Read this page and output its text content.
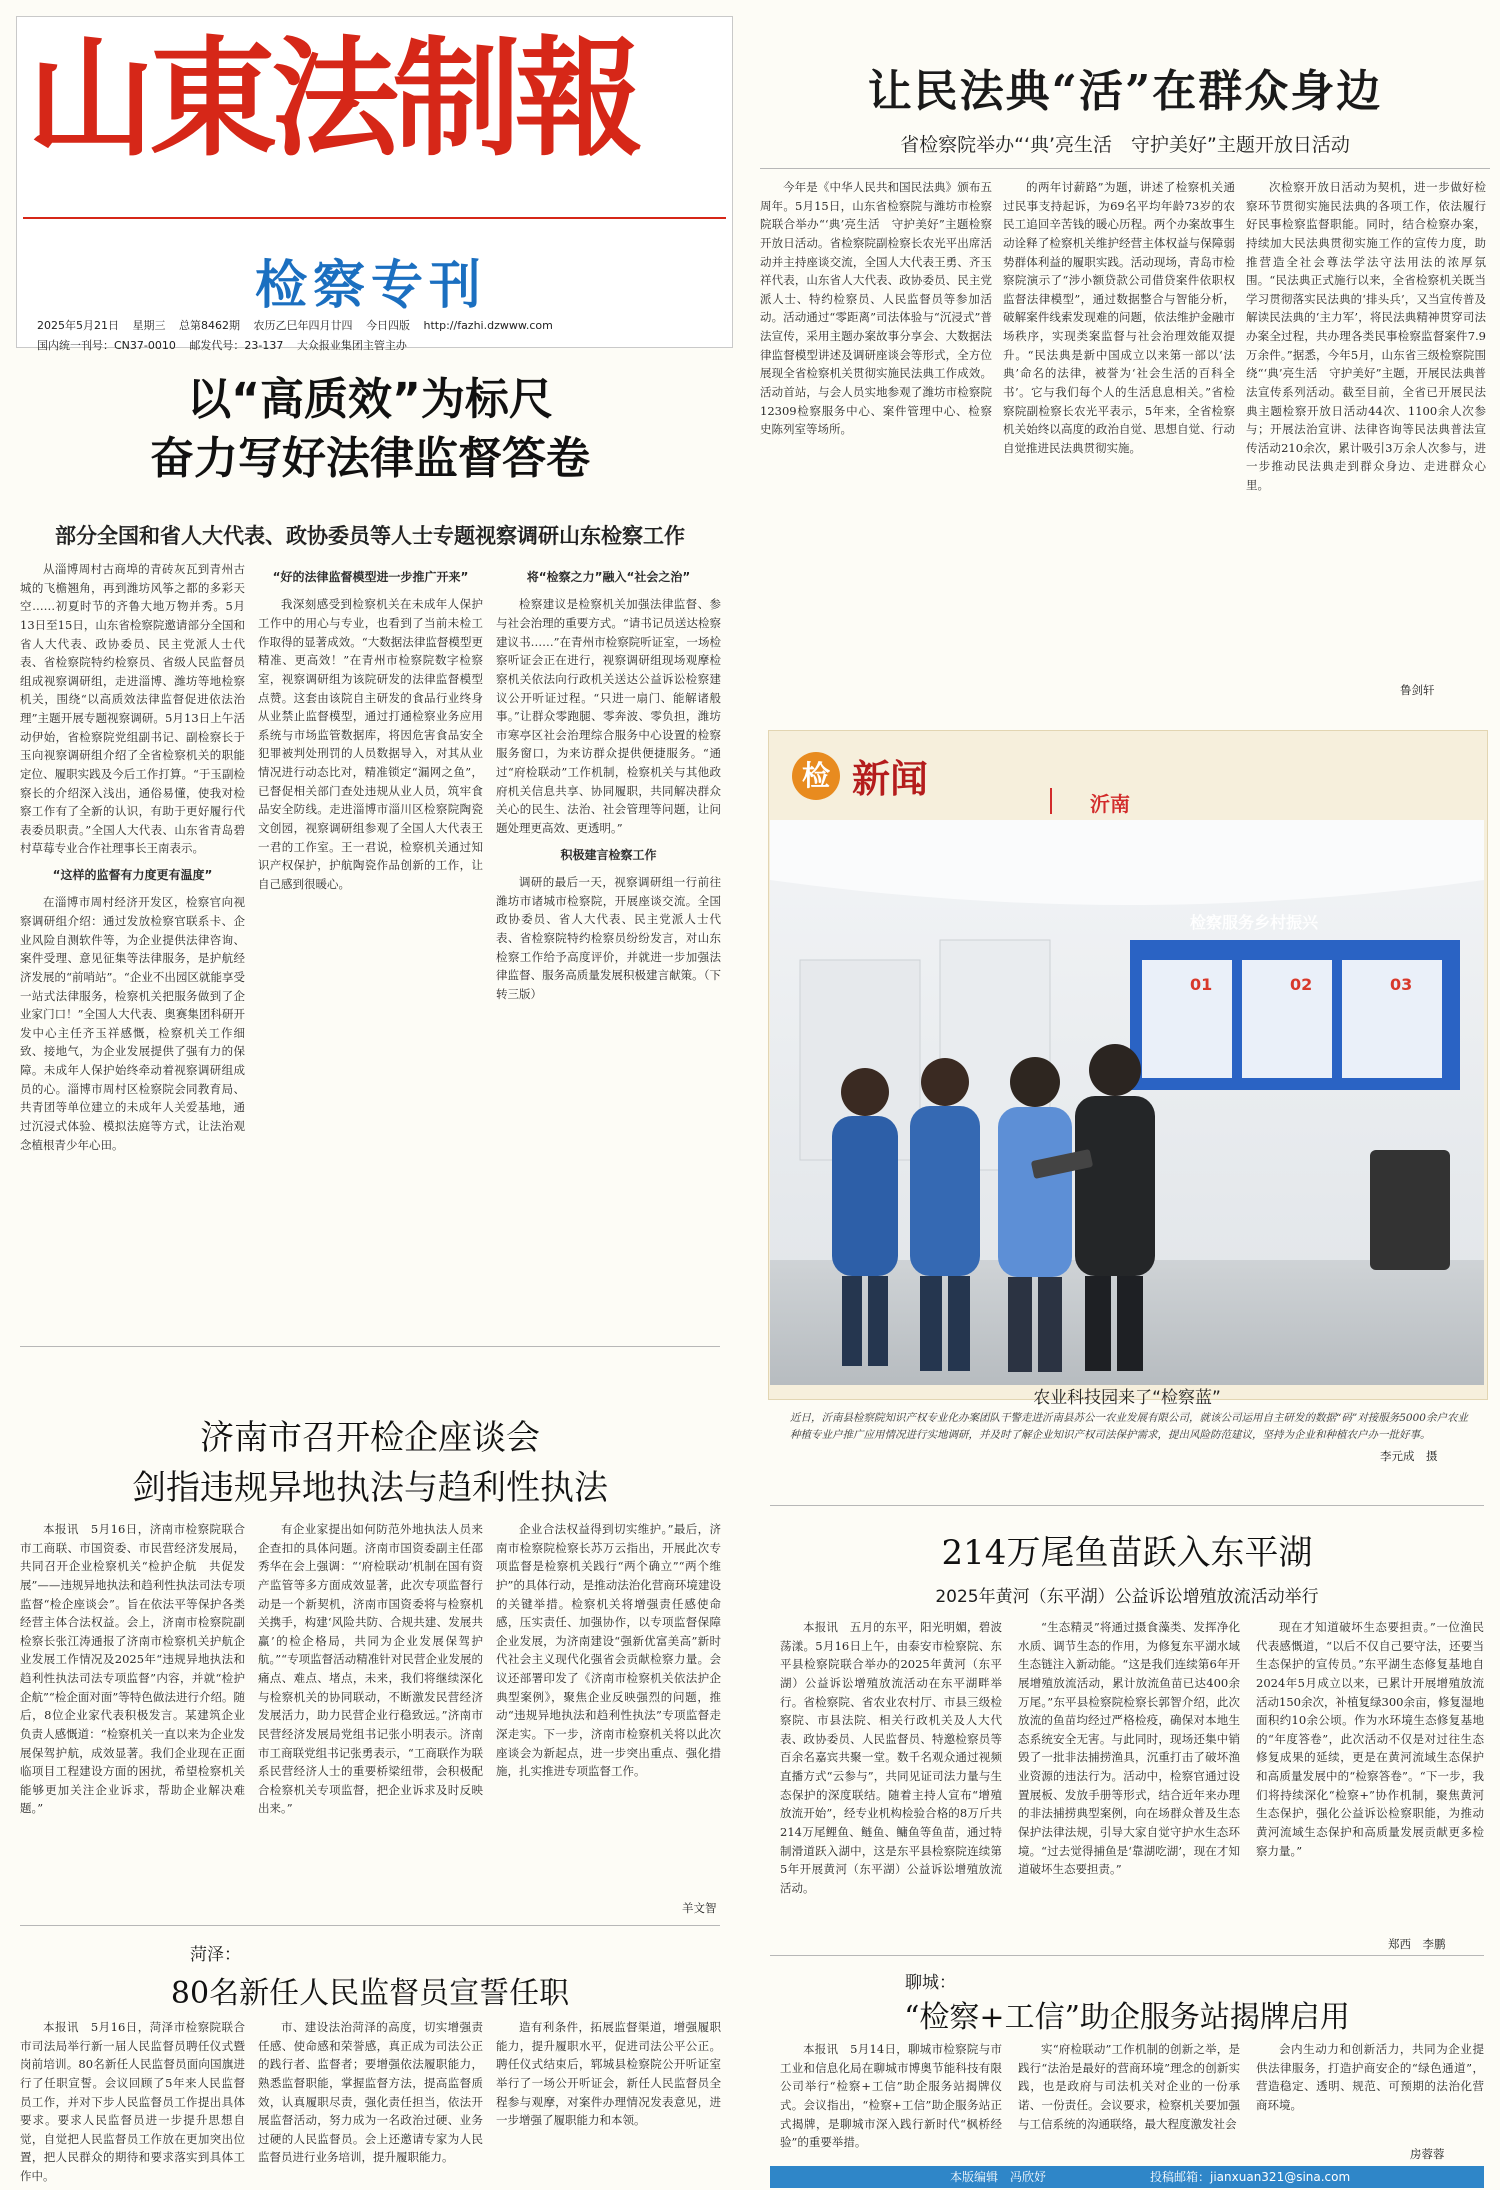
山東法制報
检察专刊
2025年5月21日 星期三 总第8462期 农历乙巳年四月廿四 今日四版 http://fazhi.dzwww.com
国内统一刊号：CN37-0010 邮发代号：23-137 大众报业集团主管主办
以“高质效”为标尺
奋力写好法律监督答卷
部分全国和省人大代表、政协委员等人士专题视察调研山东检察工作

从淄博周村古商埠的青砖灰瓦到青州古城的飞檐翘角，再到潍坊风筝之都的多彩天空……初夏时节的齐鲁大地万物并秀。5月13日至15日，山东省检察院邀请部分全国和省人大代表、政协委员、民主党派人士代表、省检察院特约检察员、省级人民监督员组成视察调研组，走进淄博、潍坊等地检察机关，围绕“以高质效法律监督促进依法治理”主题开展专题视察调研。5月13日上午活动伊始，省检察院党组副书记、副检察长于玉向视察调研组介绍了全省检察机关的职能定位、履职实践及今后工作打算。“于玉副检察长的介绍深入浅出，通俗易懂，使我对检察工作有了全新的认识，有助于更好履行代表委员职责。”全国人大代表、山东省青岛碧村草莓专业合作社理事长王南表示。

“这样的监督有力度更有温度”

在淄博市周村经济开发区，检察官向视察调研组介绍：通过发放检察官联系卡、企业风险自测软件等，为企业提供法律咨询、案件受理、意见征集等法律服务，是护航经济发展的“前哨站”。“企业不出园区就能享受一站式法律服务，检察机关把服务做到了企业家门口！”全国人大代表、奥赛集团科研开发中心主任齐玉祥感慨，检察机关工作细致、接地气，为企业发展提供了强有力的保障。未成年人保护始终牵动着视察调研组成员的心。淄博市周村区检察院会同教育局、共青团等单位建立的未成年人关爱基地，通过沉浸式体验、模拟法庭等方式，让法治观念植根青少年心田。

“好的法律监督模型进一步推广开来”

我深刻感受到检察机关在未成年人保护工作中的用心与专业，也看到了当前未检工作取得的显著成效。“大数据法律监督模型更精准、更高效！”在青州市检察院数字检察室，视察调研组为该院研发的法律监督模型点赞。这套由该院自主研发的食品行业终身从业禁止监督模型，通过打通检察业务应用系统与市场监管数据库，将因危害食品安全犯罪被判处刑罚的人员数据导入，对其从业情况进行动态比对，精准锁定“漏网之鱼”，已督促相关部门查处违规从业人员，筑牢食品安全防线。走进淄博市淄川区检察院陶瓷文创园，视察调研组参观了全国人大代表王一君的工作室。王一君说，检察机关通过知识产权保护，护航陶瓷作品创新的工作，让自己感到很暖心。

将“检察之力”融入“社会之治”

检察建议是检察机关加强法律监督、参与社会治理的重要方式。“请书记员送达检察建议书……”在青州市检察院听证室，一场检察听证会正在进行，视察调研组现场观摩检察机关依法向行政机关送达公益诉讼检察建议公开听证过程。“只进一扇门、能解诸般事。”让群众零跑腿、零奔波、零负担，潍坊市寒亭区社会治理综合服务中心设置的检察服务窗口，为来访群众提供便捷服务。“通过“府检联动”工作机制，检察机关与其他政府机关信息共享、协同履职，共同解决群众关心的民生、法治、社会管理等问题，让问题处理更高效、更透明。”

积极建言检察工作

调研的最后一天，视察调研组一行前往潍坊市诸城市检察院，开展座谈交流。全国政协委员、省人大代表、民主党派人士代表、省检察院特约检察员纷纷发言，对山东检察工作给予高度评价，并就进一步加强法律监督、服务高质量发展积极建言献策。（下转三版）

让民法典“活”在群众身边
省检察院举办“‘典’亮生活　守护美好”主题开放日活动

今年是《中华人民共和国民法典》颁布五周年。5月15日，山东省检察院与潍坊市检察院联合举办“‘典’亮生活　守护美好”主题检察开放日活动。省检察院副检察长农光平出席活动并主持座谈交流，全国人大代表王勇、齐玉祥代表，山东省人大代表、政协委员、民主党派人士、特约检察员、人民监督员等参加活动。活动通过“零距离”司法体验与“沉浸式”普法宣传，采用主题办案故事分享会、大数据法律监督模型讲述及调研座谈会等形式，全方位展现全省检察机关贯彻实施民法典工作成效。活动首站，与会人员实地参观了潍坊市检察院12309检察服务中心、案件管理中心、检察史陈列室等场所。

的两年讨薪路”为题，讲述了检察机关通过民事支持起诉，为69名平均年龄73岁的农民工追回辛苦钱的暖心历程。两个办案故事生动诠释了检察机关维护经营主体权益与保障弱势群体利益的履职实践。活动现场，青岛市检察院演示了“涉小额贷款公司借贷案件依职权监督法律模型”，通过数据整合与智能分析，破解案件线索发现难的问题，依法维护金融市场秩序，实现类案监督与社会治理效能双提升。“民法典是新中国成立以来第一部以‘法典’命名的法律，被誉为‘社会生活的百科全书’。它与我们每个人的生活息息相关。”省检察院副检察长农光平表示，5年来，全省检察机关始终以高度的政治自觉、思想自觉、行动自觉推进民法典贯彻实施。

次检察开放日活动为契机，进一步做好检察环节贯彻实施民法典的各项工作，依法履行好民事检察监督职能。同时，结合检察办案，持续加大民法典贯彻实施工作的宣传力度，助推营造全社会尊法学法守法用法的浓厚氛围。“民法典正式施行以来，全省检察机关既当学习贯彻落实民法典的‘排头兵’，又当宣传普及解读民法典的‘主力军’，将民法典精神贯穿司法办案全过程，共办理各类民事检察监督案件7.9万余件。”据悉，今年5月，山东省三级检察院围绕“‘典’亮生活　守护美好”主题，开展民法典普法宣传系列活动。截至目前，全省已开展民法典主题检察开放日活动44次、1100余人次参与；开展法治宣讲、法律咨询等民法典普法宣传活动210余次，累计吸引3万余人次参与，进一步推动民法典走到群众身边、走进群众心里。

鲁剑轩
检 新闻
沂南
01	02	03
检察服务乡村振兴
农业科技园来了“检察蓝”
近日，沂南县检察院知识产权专业化办案团队干警走进沂南县苏公一农业发展有限公司，就该公司运用自主研发的数据“码”对接服务5000余户农业种植专业户推广应用情况进行实地调研，并及时了解企业知识产权司法保护需求，提出风险防范建议，坚持为企业和种植农户办一批好事。
李元成　摄
济南市召开检企座谈会
剑指违规异地执法与趋利性执法

本报讯　5月16日，济南市检察院联合市工商联、市国资委、市民营经济发展局，共同召开企业检察机关“检护企航　共促发展”——违规异地执法和趋利性执法司法专项监督“检企座谈会”。旨在依法平等保护各类经营主体合法权益。会上，济南市检察院副检察长张江涛通报了济南市检察机关护航企业发展工作情况及2025年“违规异地执法和趋利性执法司法专项监督”内容，并就“检护企航”“检企面对面”等特色做法进行介绍。随后，8位企业家代表积极发言。某建筑企业负责人感慨道：“检察机关一直以来为企业发展保驾护航，成效显著。我们企业现在正面临项目工程建设方面的困扰，希望检察机关能够更加关注企业诉求，帮助企业解决难题。”

有企业家提出如何防范外地执法人员来企查扣的具体问题。济南市国资委副主任邵秀华在会上强调：“‘府检联动’机制在国有资产监管等多方面成效显著，此次专项监督行动是一个新契机，济南市国资委将与检察机关携手，构建‘风险共防、合规共建、发展共赢’的检企格局，共同为企业发展保驾护航。”“专项监督活动精准针对民营企业发展的痛点、难点、堵点，未来，我们将继续深化与检察机关的协同联动，不断激发民营经济发展活力，助力民营企业行稳致远。”济南市民营经济发展局党组书记张小明表示。济南市工商联党组书记张勇表示，“工商联作为联系民营经济人士的重要桥梁纽带，会积极配合检察机关专项监督，把企业诉求及时反映出来。”

企业合法权益得到切实维护。”最后，济南市检察院检察长苏万云指出，开展此次专项监督是检察机关践行“两个确立”“两个维护”的具体行动，是推动法治化营商环境建设的关键举措。检察机关将增强责任感使命感，压实责任、加强协作，以专项监督保障企业发展，为济南建设“强新优富美高”新时代社会主义现代化强省会贡献检察力量。会议还部署印发了《济南市检察机关依法护企典型案例》，聚焦企业反映强烈的问题，推动“违规异地执法和趋利性执法”专项监督走深走实。下一步，济南市检察机关将以此次座谈会为新起点，进一步突出重点、强化措施，扎实推进专项监督工作。

羊文智
214万尾鱼苗跃入东平湖
2025年黄河（东平湖）公益诉讼增殖放流活动举行

本报讯　五月的东平，阳光明媚，碧波荡漾。5月16日上午，由泰安市检察院、东平县检察院联合举办的2025年黄河（东平湖）公益诉讼增殖放流活动在东平湖畔举行。省检察院、省农业农村厅、市县三级检察院、市县法院、相关行政机关及人大代表、政协委员、人民监督员、特邀检察员等百余名嘉宾共聚一堂。数千名观众通过视频直播方式“云参与”，共同见证司法力量与生态保护的深度联结。随着主持人宣布“增殖放流开始”，经专业机构检验合格的8万斤共214万尾鲤鱼、鲢鱼、鳙鱼等鱼苗，通过特制滑道跃入湖中，这是东平县检察院连续第5年开展黄河（东平湖）公益诉讼增殖放流活动。

“生态精灵”将通过摄食藻类、发挥净化水质、调节生态的作用，为修复东平湖水域生态链注入新动能。“这是我们连续第6年开展增殖放流活动，累计放流鱼苗已达400余万尾。”东平县检察院检察长郭智介绍，此次放流的鱼苗均经过严格检疫，确保对本地生态系统安全无害。与此同时，现场还集中销毁了一批非法捕捞渔具，沉重打击了破坏渔业资源的违法行为。活动中，检察官通过设置展板、发放手册等形式，结合近年来办理的非法捕捞典型案例，向在场群众普及生态保护法律法规，引导大家自觉守护水生态环境。“过去觉得捕鱼是‘靠湖吃湖’，现在才知道破坏生态要担责。”

现在才知道破坏生态要担责。”一位渔民代表感慨道，“以后不仅自己要守法，还要当生态保护的宣传员。”东平湖生态修复基地自2024年5月成立以来，已累计开展增殖放流活动150余次，补植复绿300余亩，修复湿地面积约10余公顷。作为水环境生态修复基地的“年度答卷”，此次活动不仅是对过往生态修复成果的延续，更是在黄河流域生态保护和高质量发展中的“检察答卷”。“下一步，我们将持续深化“检察+”协作机制，聚焦黄河生态保护，强化公益诉讼检察职能，为推动黄河流域生态保护和高质量发展贡献更多检察力量。”

郑西　李鹏
菏泽：
80名新任人民监督员宣誓任职

本报讯　5月16日，菏泽市检察院联合市司法局举行新一届人民监督员聘任仪式暨岗前培训。80名新任人民监督员面向国旗进行了任职宣誓。会议回顾了5年来人民监督员工作，并对下步人民监督员工作提出具体要求。要求人民监督员进一步提升思想自觉，自觉把人民监督员工作放在更加突出位置，把人民群众的期待和要求落实到具体工作中。

市、建设法治菏泽的高度，切实增强责任感、使命感和荣誉感，真正成为司法公正的践行者、监督者；要增强依法履职能力，熟悉监督职能，掌握监督方法，提高监督质效，认真履职尽责，强化责任担当，依法开展监督活动，努力成为一名政治过硬、业务过硬的人民监督员。会上还邀请专家为人民监督员进行业务培训，提升履职能力。

造有利条件，拓展监督渠道，增强履职能力，提升履职水平，促进司法公平公正。聘任仪式结束后，郓城县检察院公开听证室举行了一场公开听证会，新任人民监督员全程参与观摩，对案件办理情况发表意见，进一步增强了履职能力和本领。

聊城：
“检察+工信”助企服务站揭牌启用

本报讯　5月14日，聊城市检察院与市工业和信息化局在聊城市博奥节能科技有限公司举行“检察+工信”助企服务站揭牌仪式。会议指出，“检察+工信”助企服务站正式揭牌，是聊城市深入践行新时代“枫桥经验”的重要举措。

实“府检联动”工作机制的创新之举，是践行“法治是最好的营商环境”理念的创新实践，也是政府与司法机关对企业的一份承诺、一份责任。会议要求，检察机关要加强与工信系统的沟通联络，最大程度激发社会

会内生动力和创新活力，共同为企业提供法律服务，打造护商安企的“绿色通道”，营造稳定、透明、规范、可预期的法治化营商环境。

房蓉蓉
本版编辑　冯欣妤	投稿邮箱：jianxuan321@sina.com
